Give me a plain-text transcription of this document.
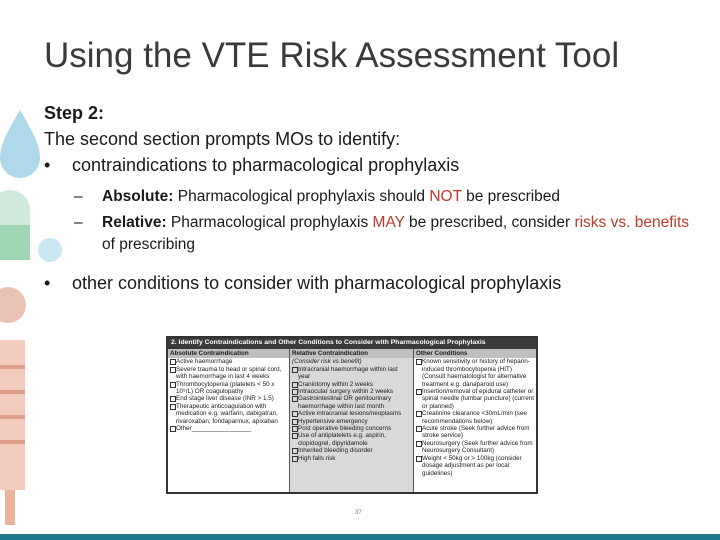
Using the VTE Risk Assessment Tool
Step 2:
The second section prompts MOs to identify:

• contraindications to pharmacological prophylaxis

– Absolute: Pharmacological prophylaxis should NOT be prescribed

– Relative: Pharmacological prophylaxis MAY be prescribed, consider risks vs. benefits of prescribing

• other conditions to consider with pharmacological prophylaxis

2. Identify Contraindications and Other Conditions to Consider with Pharmacological Prophylaxis
Absolute Contraindication
Active haemorrhage
Severe trauma to head or spinal cord, with haemorrhage in last 4 weeks
Thrombocytopenia (platelets < 50 x 10⁹/L) OR coagulopathy
End stage liver disease (INR > 1.5)
Therapeutic anticoagulation with medication e.g. warfarin, dabigatran, rivaroxaban, fondaparinux, apixaban
Other_________________
Relative Contraindication
(Consider risk vs benefit)
Intracranial haemorrhage within last year
Craniotomy within 2 weeks
Intraocular surgery within 2 weeks
Gastrointestinal OR genitourinary haemorrhage within last month
Active intracranial lesions/neoplasms
Hypertensive emergency
Post operative bleeding concerns
Use of antiplatelets e.g. aspirin, clopidogrel, dipyridamole
Inherited bleeding disorder
High falls risk
Other Conditions
Known sensitivity or history of heparin-induced thrombocytopenia (HIT) (Consult haematologist for alternative treatment e.g. danaparoid use)
Insertion/removal of epidural catheter or spinal needle (lumbar puncture) (current or planned)
Creatinine clearance <30mL/min (see recommendations below)
Acute stroke (Seek further advice from stroke service)
Neurosurgery (Seek further advice from Neurosurgery Consultant)
Weight < 50kg or > 100kg (consider dosage adjustment as per local guidelines)
37
